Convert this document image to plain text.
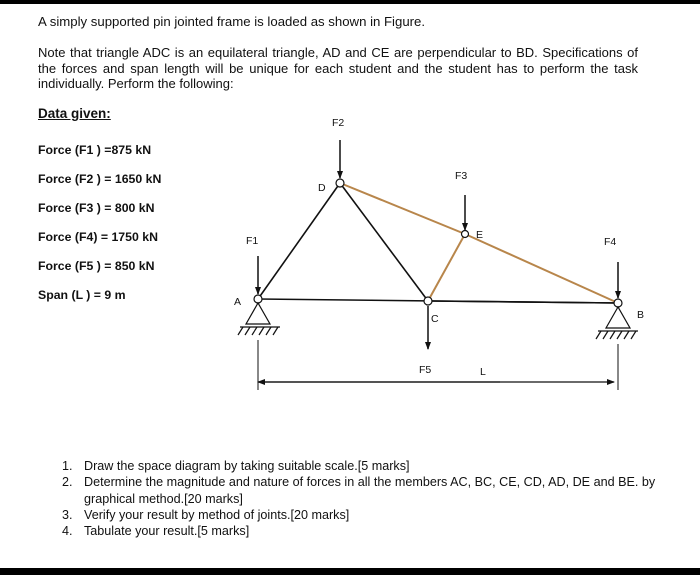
A simply supported pin jointed frame is loaded as shown in Figure.
Note that triangle ADC is an equilateral triangle, AD and CE are perpendicular to BD. Specifications of the forces and span length will be unique for each student and the student has to perform the task individually. Perform the following:
Data given:
Force (F1 ) =875 kN
Force (F2 ) = 1650 kN
Force (F3 ) = 800 kN
Force (F4) = 1750 kN
Force (F5 ) = 850 kN
Span (L ) = 9 m
F2
F3
F1	F4
F5
D
A
C
E
B
L
1. Draw the space diagram by taking suitable scale.[5 marks]
2. Determine the magnitude and nature of forces in all the members AC, BC, CE, CD, AD, DE and BE. by graphical method.[20 marks]
3. Verify your result by method of joints.[20 marks]
4. Tabulate your result.[5 marks]
